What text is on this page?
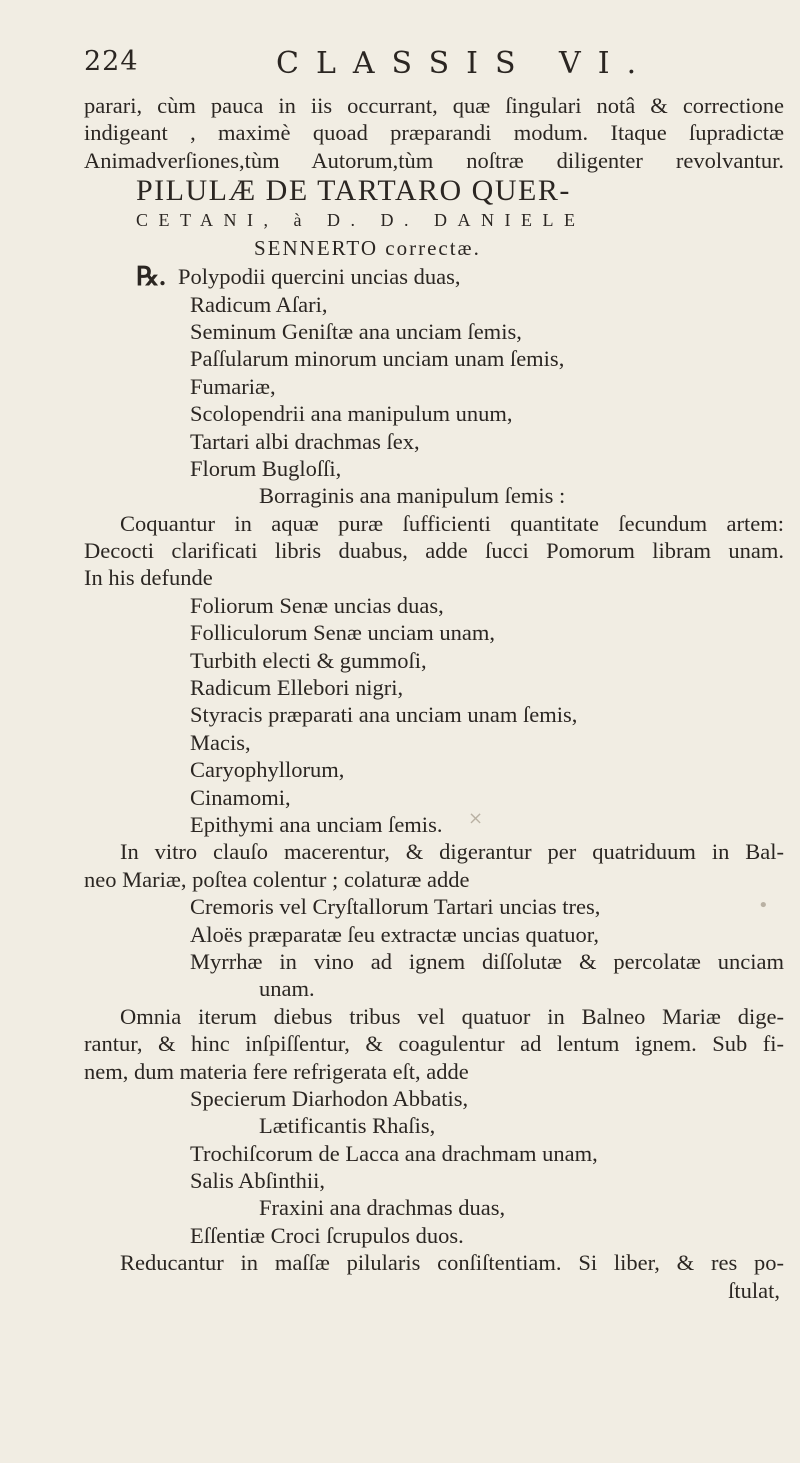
224	CLASSIS VI.
parari, cùm pauca in iis occurrant, quæ ſingulari notâ & correctione
indigeant , maximè quoad præparandi modum. Itaque ſupradictæ
Animadverſiones,tùm Autorum,tùm noſtræ diligenter revolvantur.
PILULÆ DE TARTARO QUER-
CETANI, à D. D. DANIELE
SENNERTO correctæ.
℞. Polypodii quercini uncias duas,
Radicum Aſari,
Seminum Geniſtæ ana unciam ſemis,
Paſſularum minorum unciam unam ſemis,
Fumariæ,
Scolopendrii ana manipulum unum,
Tartari albi drachmas ſex,
Florum Bugloſſi,
Borraginis ana manipulum ſemis :
Coquantur in aquæ puræ ſufficienti quantitate ſecundum artem:
Decocti clarificati libris duabus, adde ſucci Pomorum libram unam.
In his defunde
Foliorum Senæ uncias duas,
Folliculorum Senæ unciam unam,
Turbith electi & gummoſi,
Radicum Ellebori nigri,
Styracis præparati ana unciam unam ſemis,
Macis,
Caryophyllorum,
Cinamomi,
Epithymi ana unciam ſemis.
In vitro clauſo macerentur, & digerantur per quatriduum in Bal-
neo Mariæ, poſtea colentur ; colaturæ adde
Cremoris vel Cryſtallorum Tartari uncias tres,
Aloës præparatæ ſeu extractæ uncias quatuor,
Myrrhæ in vino ad ignem diſſolutæ & percolatæ unciam
unam.
Omnia iterum diebus tribus vel quatuor in Balneo Mariæ dige-
rantur, & hinc inſpiſſentur, & coagulentur ad lentum ignem. Sub fi-
nem, dum materia fere refrigerata eſt, adde
Specierum Diarhodon Abbatis,
Lætificantis Rhaſis,
Trochiſcorum de Lacca ana drachmam unam,
Salis Abſinthii,
Fraxini ana drachmas duas,
Eſſentiæ Croci ſcrupulos duos.
Reducantur in maſſæ pilularis conſiſtentiam. Si liber, & res po-
ſtulat,
×
•
